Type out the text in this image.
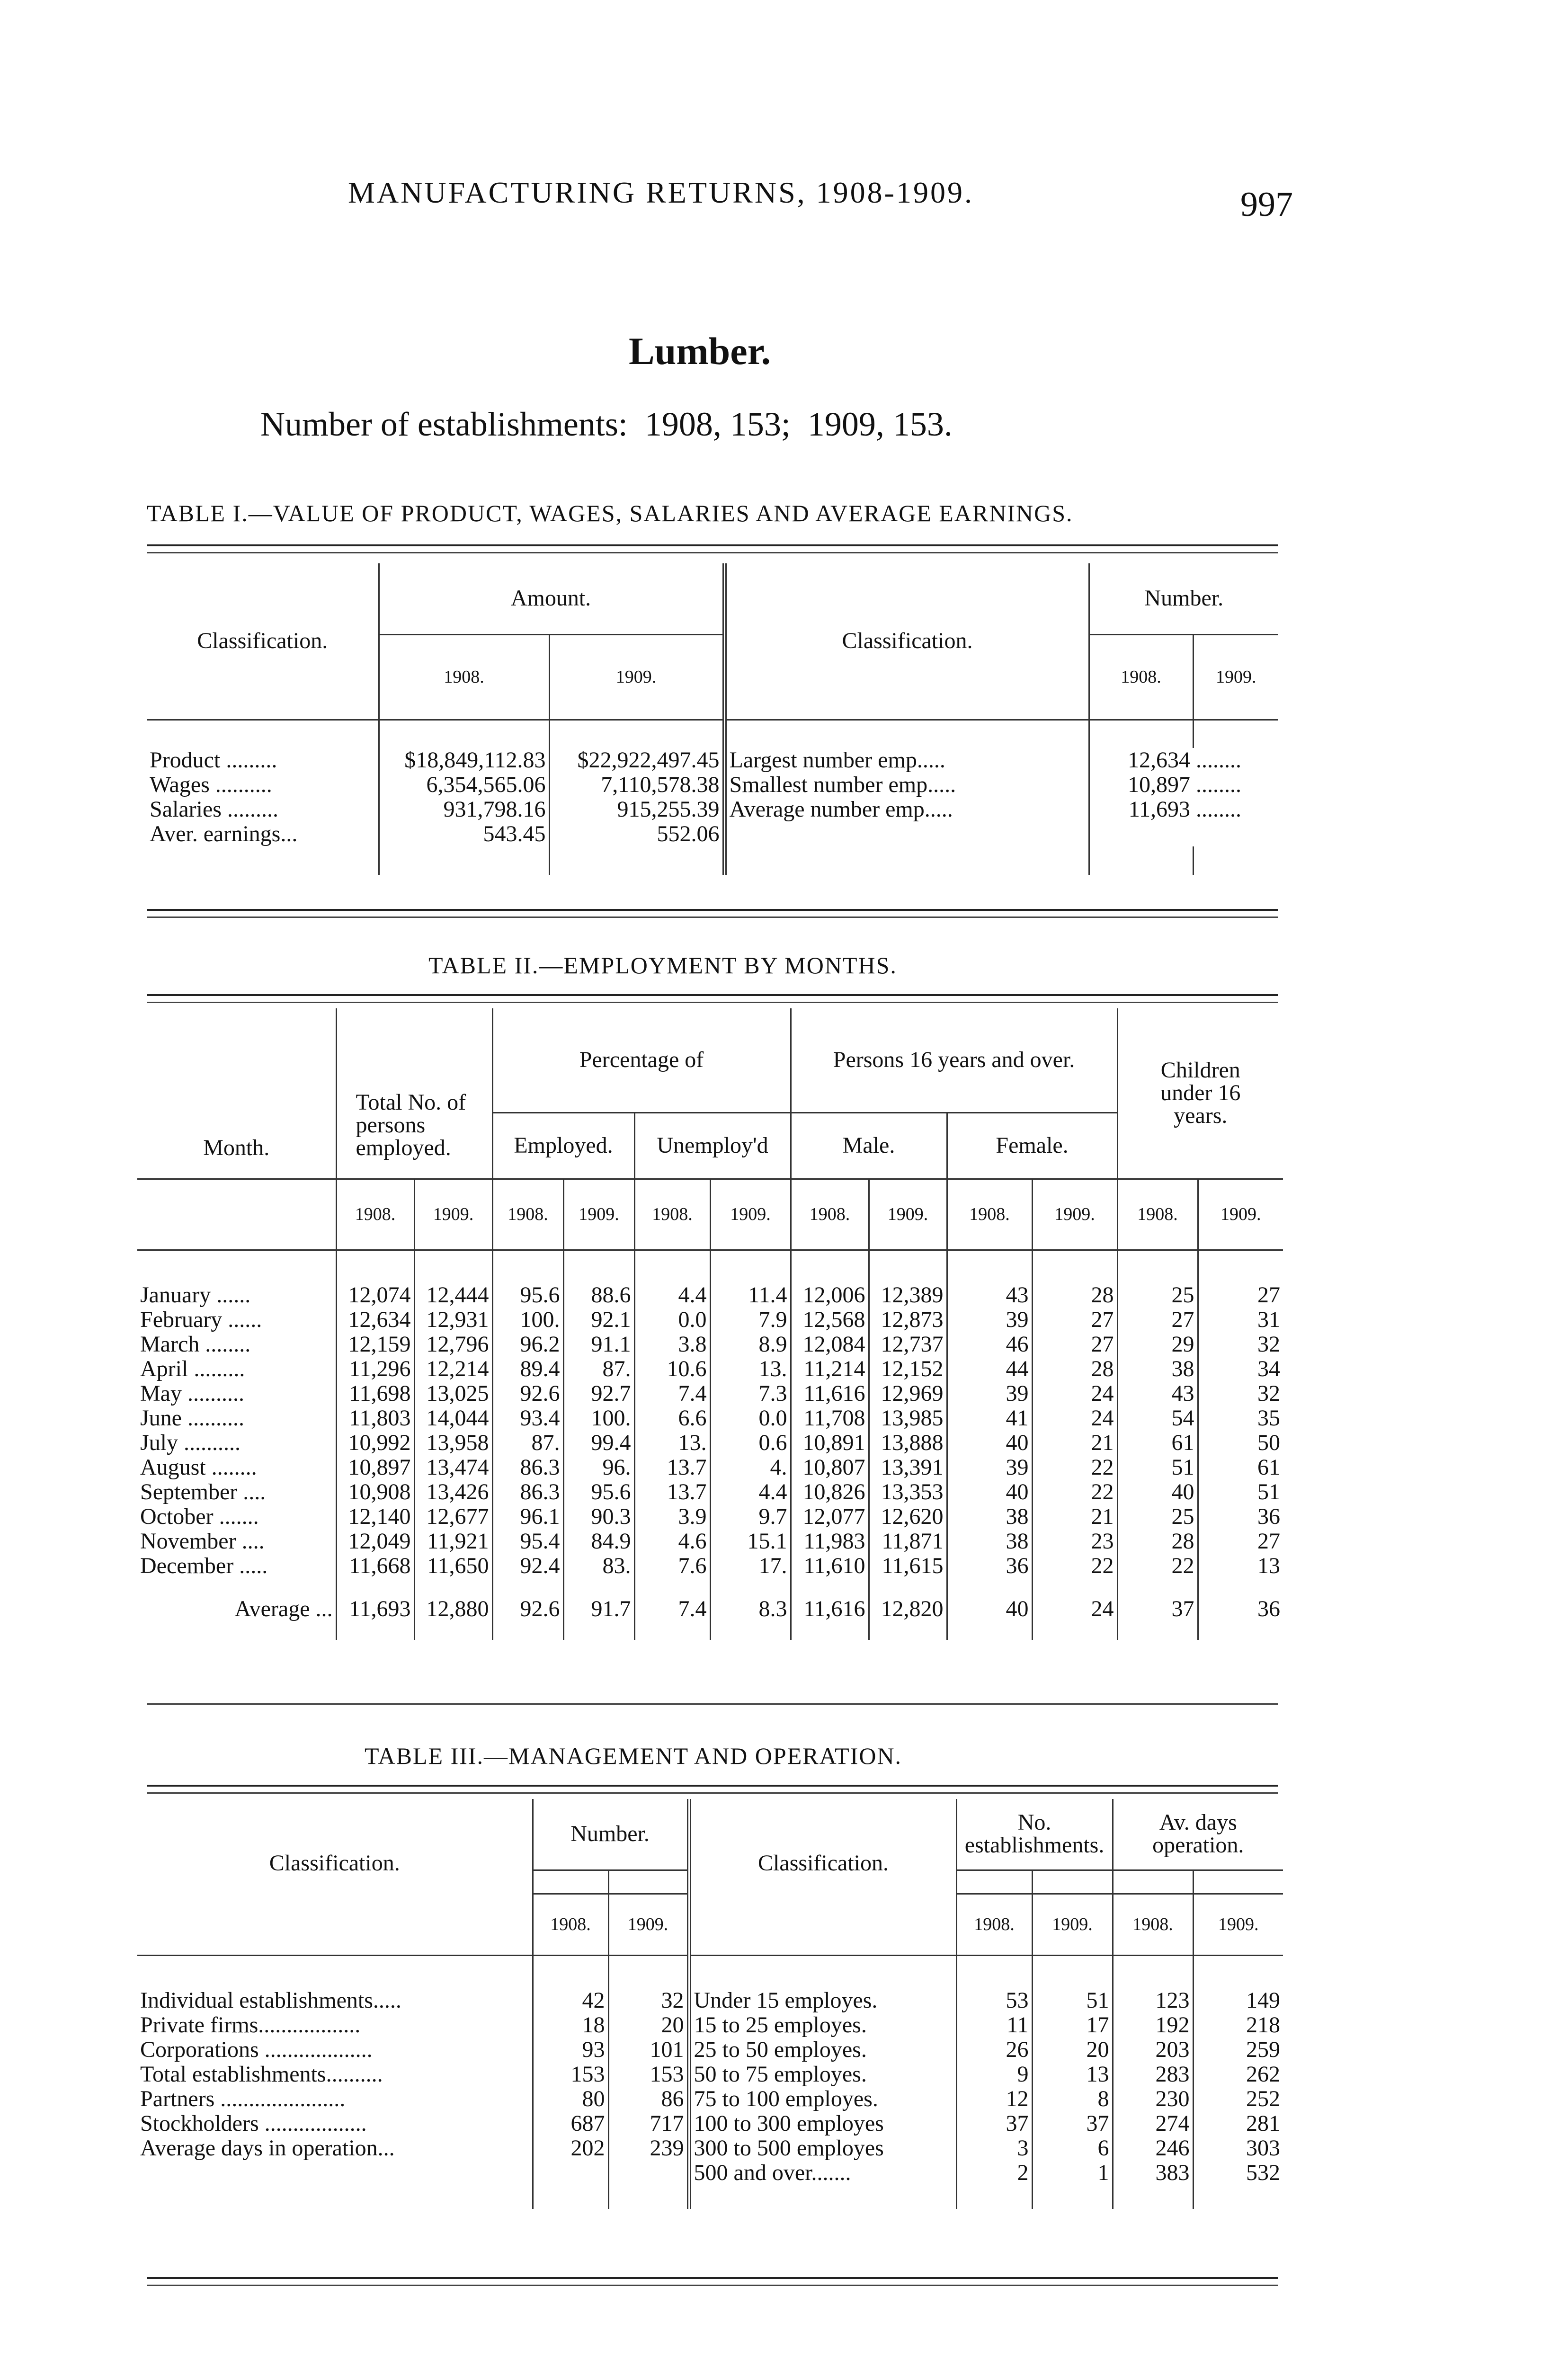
MANUFACTURING RETURNS, 1908-1909.	997
Lumber.
Number of establishments:  1908, 153;  1909, 153.
TABLE I.—VALUE OF PRODUCT, WAGES, SALARIES AND AVERAGE EARNINGS.
Classification.	Amount.		Classification.	Number.	
	1908.	1909.		1908.	1909.

Product .........	$18,849,112.83	$22,922,497.45	Largest number emp.....	12,634	........
Wages ..........	6,354,565.06	7,110,578.38	Smallest number emp.....	10,897	........
Salaries .........	931,798.16	915,255.39	Average number emp.....	11,693	........
Aver. earnings...	543.45	552.06			

TABLE II.—EMPLOYMENT BY MONTHS.
Month.	Total No. of persons employed.		Percentage of				Persons 16 years and over.				Children under 16 years.	
			Employed.		Unemploy'd		Male.		Female.			
	1908.	1909.	1908.	1909.	1908.	1909.	1908.	1909.	1908.	1909.	1908.	1909.

January ......	12,074	12,444	95.6	88.6	4.4	11.4	12,006	12,389	43	28	25	27
February ......	12,634	12,931	100.	92.1	0.0	7.9	12,568	12,873	39	27	27	31
March ........	12,159	12,796	96.2	91.1	3.8	8.9	12,084	12,737	46	27	29	32
April .........	11,296	12,214	89.4	87.	10.6	13.	11,214	12,152	44	28	38	34
May ..........	11,698	13,025	92.6	92.7	7.4	7.3	11,616	12,969	39	24	43	32
June ..........	11,803	14,044	93.4	100.	6.6	0.0	11,708	13,985	41	24	54	35
July ..........	10,992	13,958	87.	99.4	13.	0.6	10,891	13,888	40	21	61	50
August ........	10,897	13,474	86.3	96.	13.7	4.	10,807	13,391	39	22	51	61
September ....	10,908	13,426	86.3	95.6	13.7	4.4	10,826	13,353	40	22	40	51
October .......	12,140	12,677	96.1	90.3	3.9	9.7	12,077	12,620	38	21	25	36
November ....	12,049	11,921	95.4	84.9	4.6	15.1	11,983	11,871	38	23	28	27
December .....	11,668	11,650	92.4	83.	7.6	17.	11,610	11,615	36	22	22	13

Average ...	11,693	12,880	92.6	91.7	7.4	8.3	11,616	12,820	40	24	37	36

TABLE III.—MANAGEMENT AND OPERATION.
Classification.	Number.		Classification.	No. establishments.		Av. days operation.	

	1908.	1909.		1908.	1909.	1908.	1909.

Individual establishments.....	42	32	Under 15 employes.	53	51	123	149
Private firms..................	18	20	15 to 25 employes.	11	17	192	218
Corporations ...................	93	101	25 to 50 employes.	26	20	203	259
Total establishments..........	153	153	50 to 75 employes.	9	13	283	262
Partners ......................	80	86	75 to 100 employes.	12	8	230	252
Stockholders ..................	687	717	100 to 300 employes	37	37	274	281
Average days in operation...	202	239	300 to 500 employes	3	6	246	303
			500 and over.......	2	1	383	532
